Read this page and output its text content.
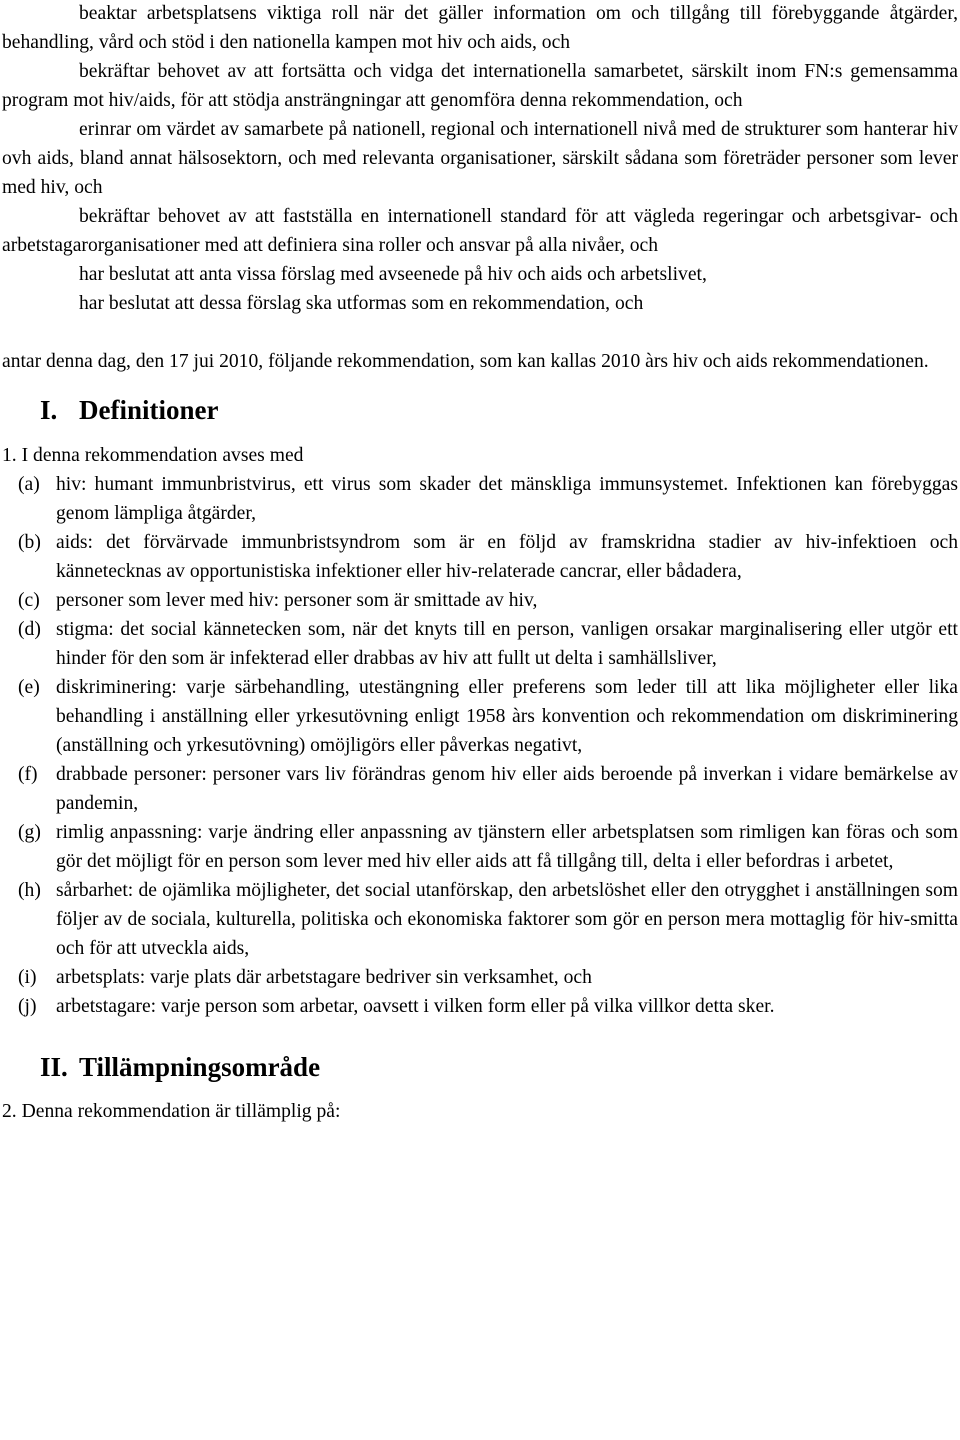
beaktar arbetsplatsens viktiga roll när det gäller information om och tillgång till förebyggande åtgärder, behandling, vård och stöd i den nationella kampen mot hiv och aids, och

bekräftar behovet av att fortsätta och vidga det internationella samarbetet, särskilt inom FN:s gemensamma program mot hiv/aids, för att stödja ansträngningar att genomföra denna rekommendation, och

erinrar om värdet av samarbete på nationell, regional och internationell nivå med de strukturer som hanterar hiv ovh aids, bland annat hälsosektorn, och med relevanta organisationer, särskilt sådana som företräder personer som lever med hiv, och

bekräftar behovet av att fastställa en internationell standard för att vägleda regeringar och arbetsgivar- och arbetstagarorganisationer med att definiera sina roller och ansvar på alla nivåer, och

har beslutat att anta vissa förslag med avseenede på hiv och aids och arbetslivet,

har beslutat att dessa förslag ska utformas som en rekommendation, och

antar denna dag, den 17 jui 2010, följande rekommendation, som kan kallas 2010 àrs hiv och aids rekommendationen.

I. Definitioner

1. I denna rekommendation avses med

(a) hiv: humant immunbristvirus, ett virus som skader det mänskliga immunsystemet. Infektionen kan förebyggas genom lämpliga åtgärder,
(b) aids: det förvärvade immunbristsyndrom som är en följd av framskridna stadier av hiv-infektioen och kännetecknas av opportunistiska infektioner eller hiv-relaterade cancrar, eller bådadera,
(c) personer som lever med hiv: personer som är smittade av hiv,
(d) stigma: det social kännetecken som, när det knyts till en person, vanligen orsakar marginalisering eller utgör ett hinder för den som är infekterad eller drabbas av hiv att fullt ut delta i samhällsliver,
(e) diskriminering: varje särbehandling, utestängning eller preferens som leder till att lika möjligheter eller lika behandling i anställning eller yrkesutövning enligt 1958 àrs konvention och rekommendation om diskriminering (anställning och yrkesutövning) omöjligörs eller påverkas negativt,
(f) drabbade personer: personer vars liv förändras genom hiv eller aids beroende på inverkan i vidare bemärkelse av pandemin,
(g) rimlig anpassning: varje ändring eller anpassning av tjänstern eller arbetsplatsen som rimligen kan föras och som gör det möjligt för en person som lever med hiv eller aids att få tillgång till, delta i eller befordras i arbetet,
(h) sårbarhet: de ojämlika möjligheter, det social utanförskap, den arbetslöshet eller den otrygghet i anställningen som följer av de sociala, kulturella, politiska och ekonomiska faktorer som gör en person mera mottaglig för hiv-smitta och för att utveckla aids,
(i) arbetsplats: varje plats där arbetstagare bedriver sin verksamhet, och
(j) arbetstagare: varje person som arbetar, oavsett i vilken form eller på vilka villkor detta sker.
II. Tillämpningsområde

2. Denna rekommendation är tillämplig på:
